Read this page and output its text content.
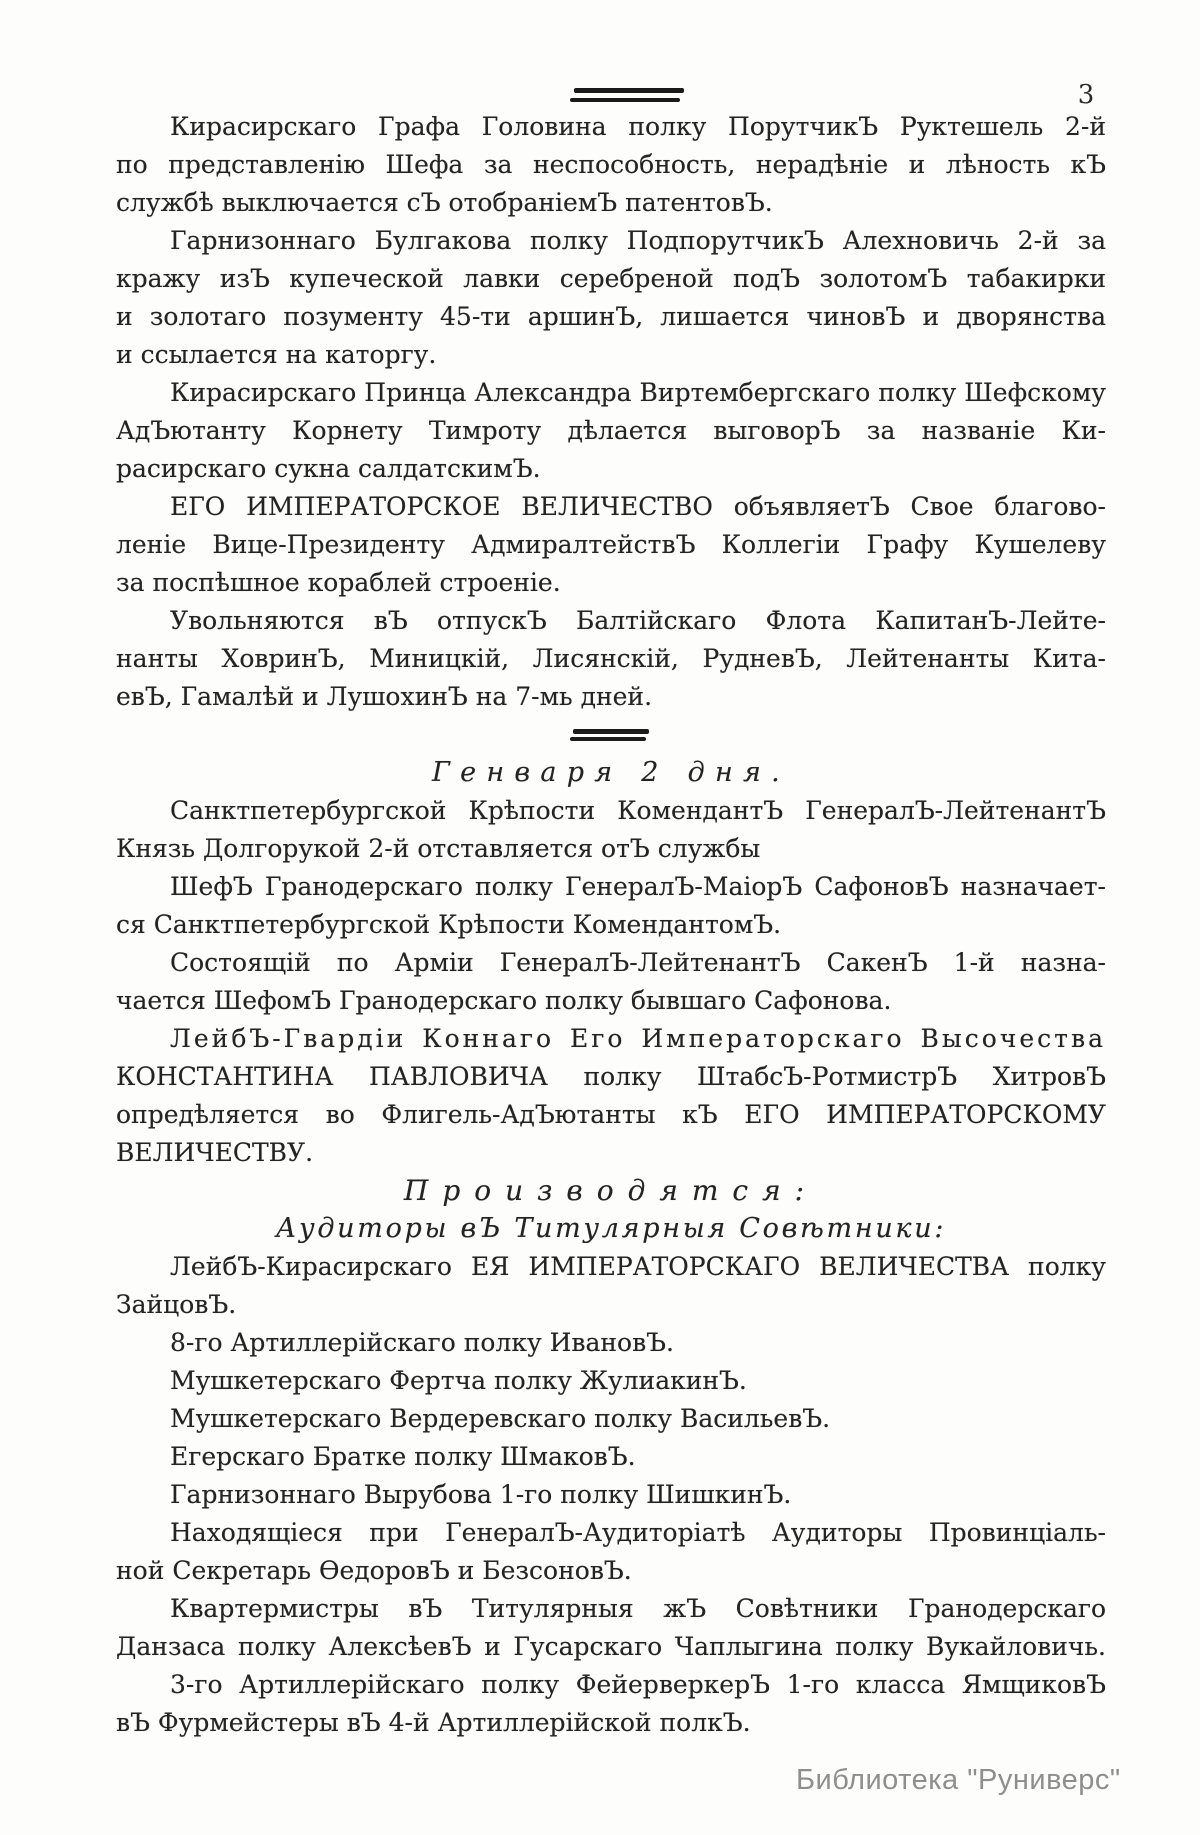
3
Кирасирскаго Графа Головина полку ПорутчикЪ Руктешель 2-й
по представленію Шефа за неспособность, нерадѣніе и лѣность кЪ
службѣ выключается сЪ отобраніемЪ патентовЪ.
Гарнизоннаго Булгакова полку ПодпорутчикЪ Алехновичь 2-й за
кражу изЪ купеческой лавки серебреной подЪ золотомЪ табакирки
и золотаго позументу 45-ти аршинЪ, лишается чиновЪ и дворянства
и ссылается на каторгу.
Кирасирскаго Принца Александра Виртембергскаго полку Шефскому
АдЪютанту Корнету Тимроту дѣлается выговорЪ за названіе Ки-
расирскаго сукна салдатскимЪ.
ЕГО ИМПЕРАТОРСКОЕ ВЕЛИЧЕСТВО объявляетЪ Свое благово-
леніе Вице-Президенту АдмиралтействЪ Коллегіи Графу Кушелеву
за поспѣшное кораблей строеніе.
Увольняются вЪ отпускЪ Балтійскаго Флота КапитанЪ-Лейте-
нанты ХовринЪ, Миницкій, Лисянскій, РудневЪ, Лейтенанты Кита-
евЪ, Гамалѣй и ЛушохинЪ на 7-мь дней.
Генваря 2 дня.
Санктпетербургской Крѣпости КомендантЪ ГенералЪ-ЛейтенантЪ
Князь Долгорукой 2-й отставляется отЪ службы
ШефЪ Гранодерскаго полку ГенералЪ-МаіорЪ СафоновЪ назначает-
ся Санктпетербургской Крѣпости КомендантомЪ.
Состоящій по Арміи ГенералЪ-ЛейтенантЪ СакенЪ 1-й назна-
чается ШефомЪ Гранодерскаго полку бывшаго Сафонова.
ЛейбЪ-Гвардіи Коннаго Его Императорскаго Высочества
КОНСТАНТИНА ПАВЛОВИЧА полку ШтабсЪ-РотмистрЪ ХитровЪ
опредѣляется во Флигель-АдЪютанты кЪ ЕГО ИМПЕРАТОРСКОМУ
ВЕЛИЧЕСТВУ.
Производятся:
Аудиторы вЪ Титулярныя Совѣтники:
ЛейбЪ-Кирасирскаго ЕЯ ИМПЕРАТОРСКАГО ВЕЛИЧЕСТВА полку
ЗайцовЪ.
8-го Артиллерійскаго полку ИвановЪ.
Мушкетерскаго Фертча полку ЖулиакинЪ.
Мушкетерскаго Вердеревскаго полку ВасильевЪ.
Егерскаго Братке полку ШмаковЪ.
Гарнизоннаго Вырубова 1-го полку ШишкинЪ.
Находящіеся при ГенералЪ-Аудиторіатѣ Аудиторы Провинціаль-
ной Секретарь ѲедоровЪ и БезсоновЪ.
Квартермистры вЪ Титулярныя жЪ Совѣтники Гранодерскаго
Данзаса полку АлексѣевЪ и Гусарскаго Чаплыгина полку Вукайловичь.
3-го Артиллерійскаго полку ФейерверкерЪ 1-го класса ЯмщиковЪ
вЪ Фурмейстеры вЪ 4-й Артиллерійской полкЪ.
Библиотека "Руниверс"
